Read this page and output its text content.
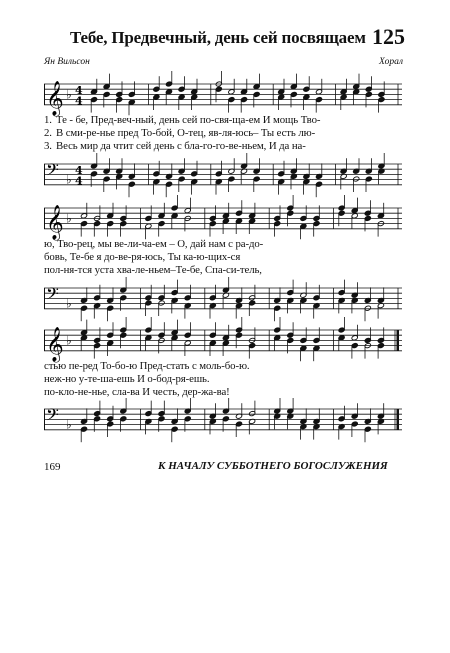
Тебе, Предвечный, день сей посвящаем 125
Ян Вильсон	Хорал
𝄞 ♭ 4
4
1. Те - бе, Пред-веч-ный, день сей по-свя-ща-ем И мощь Тво-
2. В сми-ре-нье пред То-бой, О-тец, яв-ля-юсь– Ты есть лю-
3. Весь мир да чтит сей день с бла-го-го-ве-ньем, И да на-
𝄢 ♭
4
4
𝄞 ♭
ю, Тво-рец, мы ве-ли-ча-ем – О, дай нам с ра-до-
бовь, Те-бе я до-ве-ря-юсь, Ты ка-ю-щих-ся
пол-ня-тся уста хва-ле-ньем–Те-бе, Спа-си-тель,
𝄢 ♭
𝄞 ♭
стью пе-ред То-бо-ю Пред-стать с моль-бо-ю.
неж-но у-те-ша-ешь И о-бод-ря-ешь.
по-кло-не-нье, сла-ва И честь, дер-жа-ва!
𝄢 ♭
169	К НАЧАЛУ СУББОТНЕГО БОГОСЛУЖЕНИЯ
